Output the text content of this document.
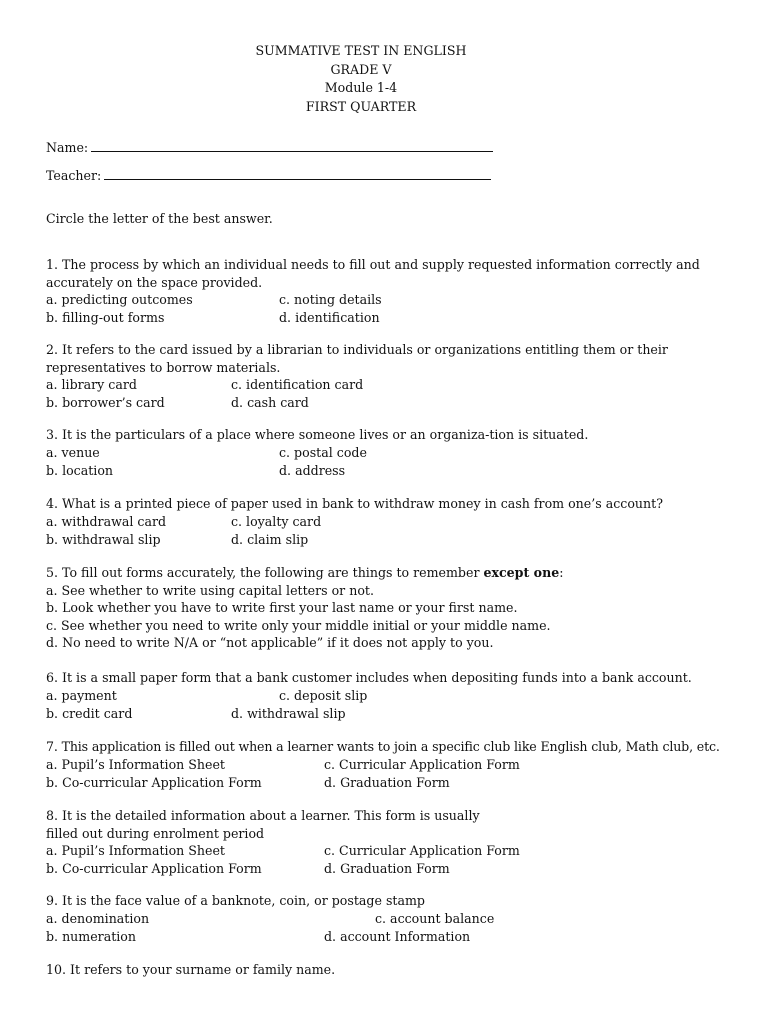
SUMMATIVE TEST IN ENGLISH
GRADE V
Module 1-4
FIRST QUARTER
Name:
Teacher:
Circle the letter of the best answer.
1. The process by which an individual needs to fill out and supply requested information correctly and accurately on the space provided.
a. predicting outcomes	c. noting details
b. filling-out forms	d. identification
2. It refers to the card issued by a librarian to individuals or organizations entitling them or their representatives to borrow materials.
a. library card	c. identification card
b. borrower’s card	d. cash card
3. It is the particulars of a place where someone lives or an organiza-tion is situated.
a. venue	c. postal code
b. location	d. address
4. What is a printed piece of paper used in bank to withdraw money in cash from one’s account?
a. withdrawal card	c. loyalty card
b. withdrawal slip	d. claim slip
5. To fill out forms accurately, the following are things to remember except one:
a. See whether to write using capital letters or not.
b. Look whether you have to write first your last name or your first name.
c. See whether you need to write only your middle initial or your middle name.
d. No need to write N/A or “not applicable” if it does not apply to you.
6. It is a small paper form that a bank customer includes when depositing funds into a bank account.
a. payment	c. deposit slip
b. credit card	d. withdrawal slip
7. This application is filled out when a learner wants to join a specific club like English club, Math club, etc.
a. Pupil’s Information Sheet	c. Curricular Application Form
b. Co-curricular Application Form	d. Graduation Form
8. It is the detailed information about a learner. This form is usually
filled out during enrolment period
a. Pupil’s Information Sheet	c. Curricular Application Form
b. Co-curricular Application Form	d. Graduation Form
9. It is the face value of a banknote, coin, or postage stamp
a. denomination	c. account balance
b. numeration	d. account Information
10. It refers to your surname or family name.
